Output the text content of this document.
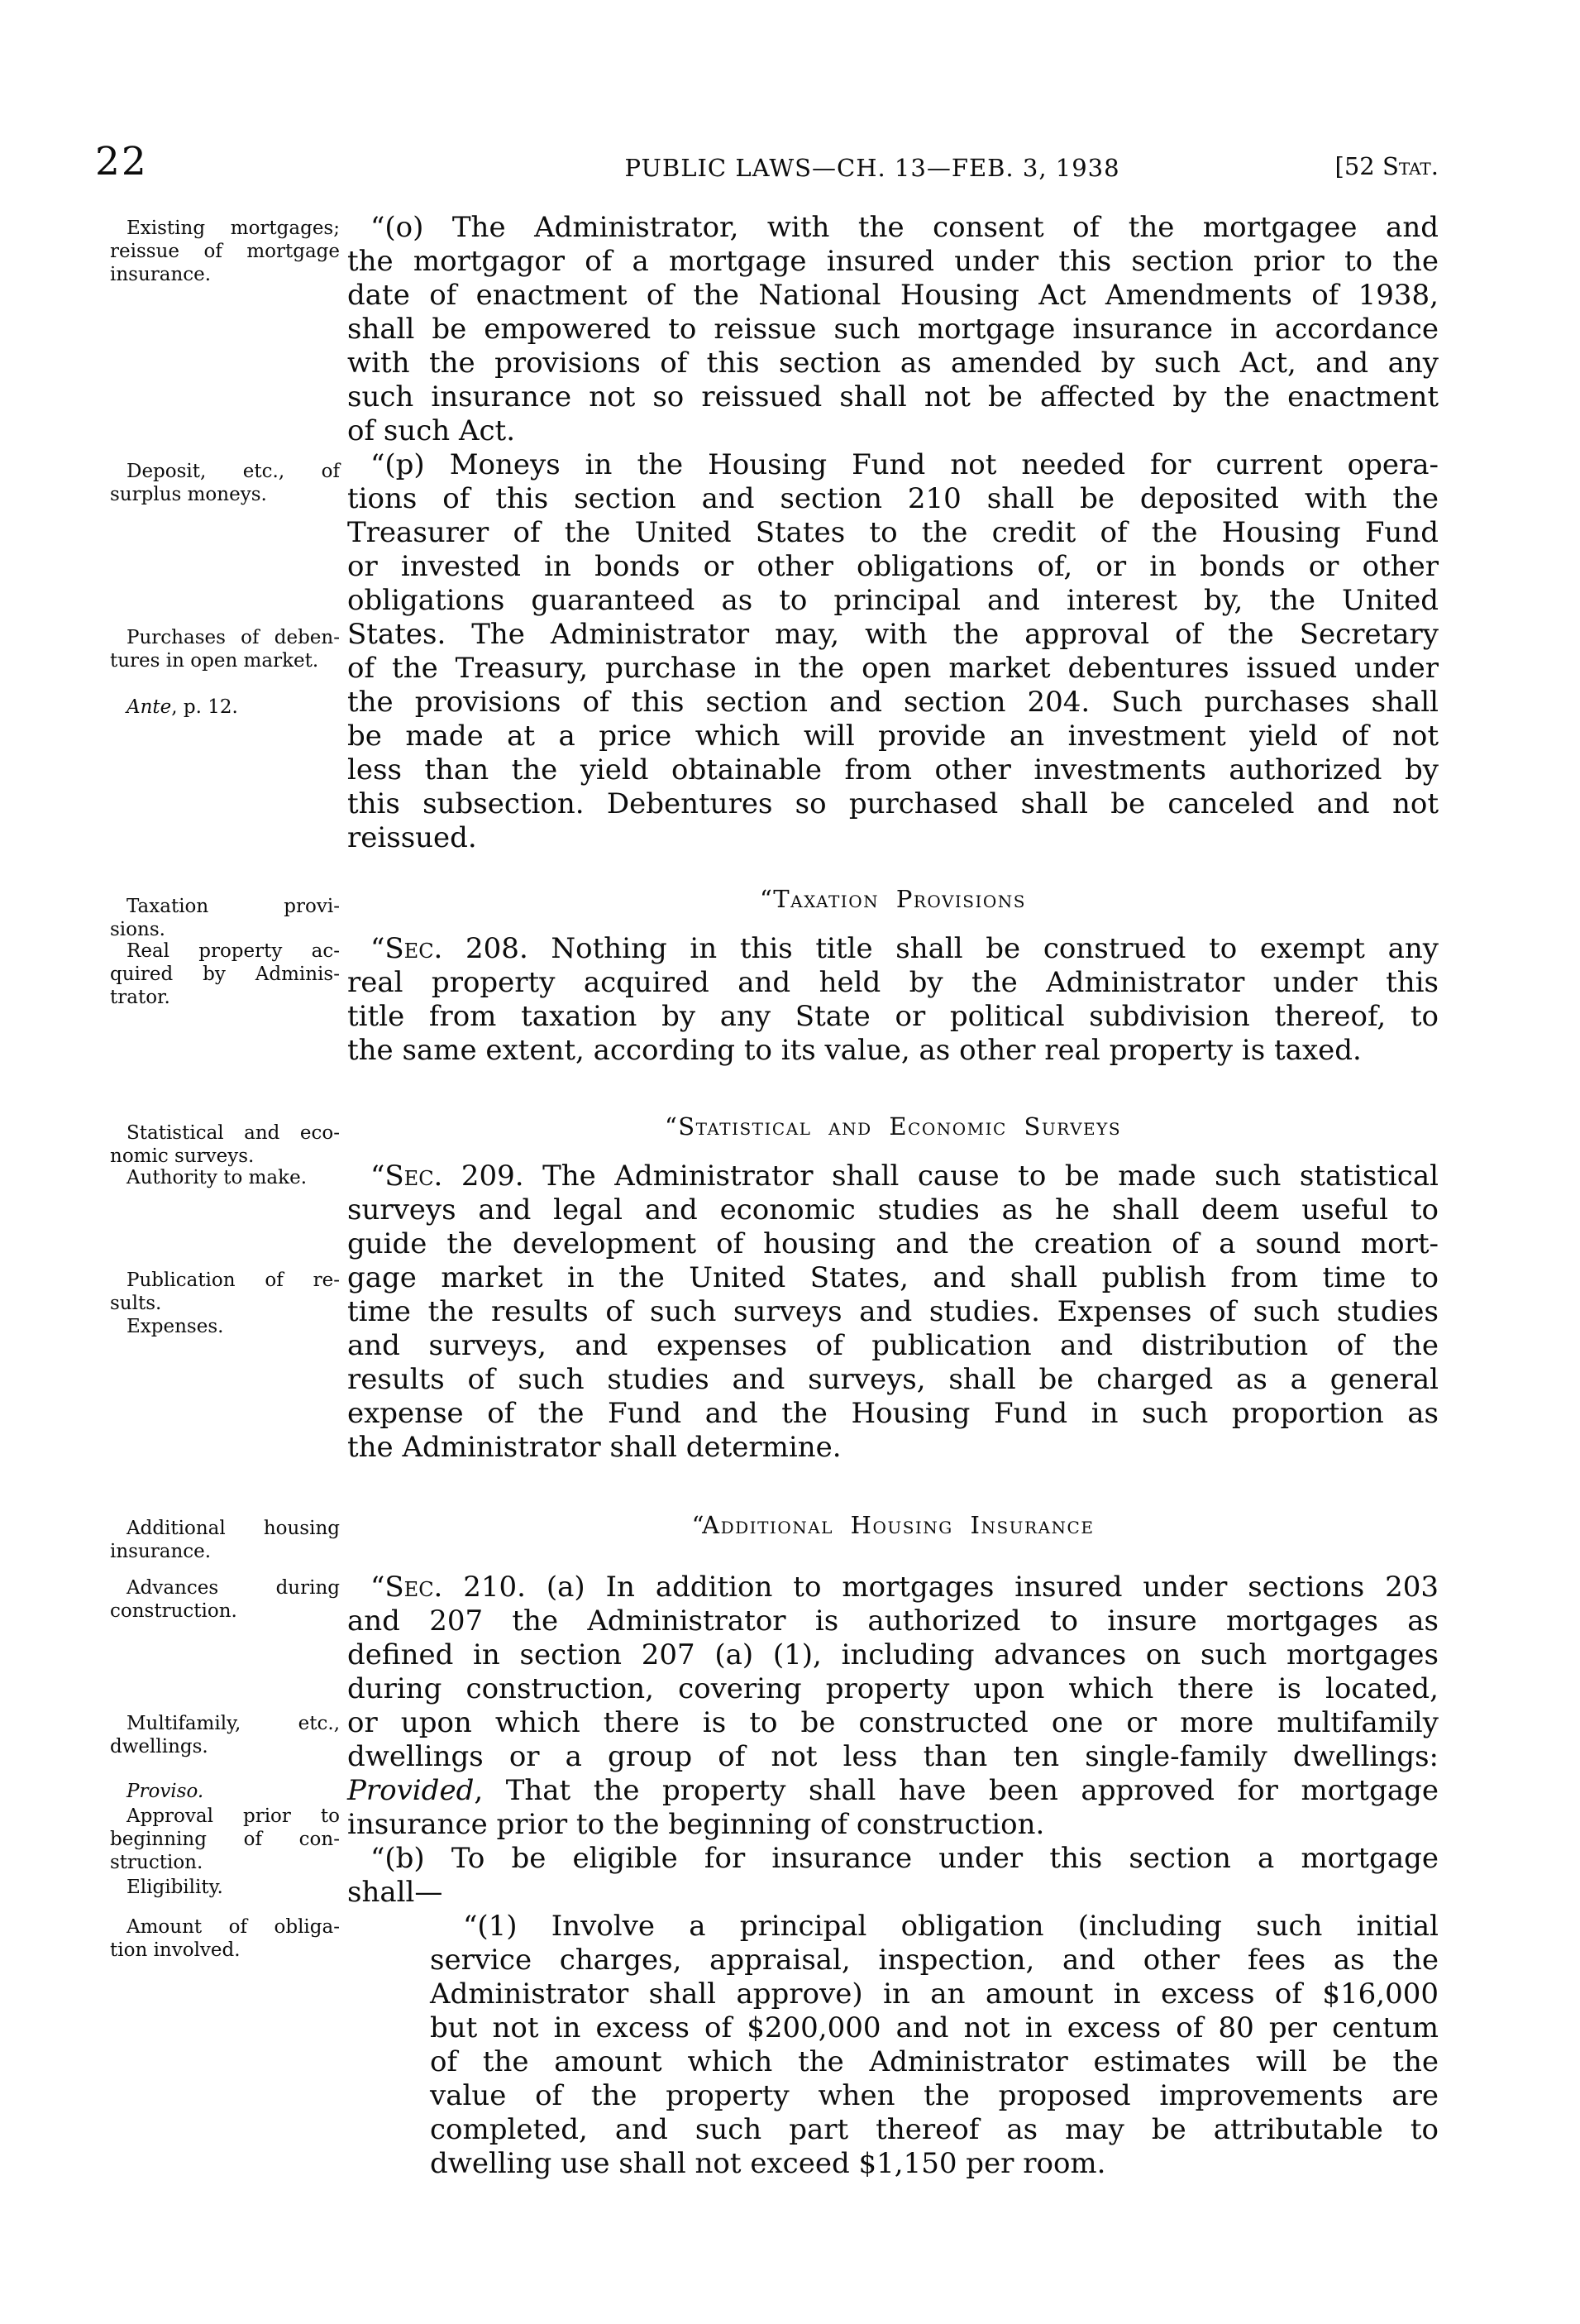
22	PUBLIC LAWS—CH. 13—FEB. 3, 1938	[52 Stat.
Existing mortgages;
reissue of mortgage
insurance.
Deposit, etc., of
surplus moneys.
Purchases of deben-
tures in open market.
Ante, p. 12.
Taxation provi-
sions.
Real property ac-
quired by Adminis-
trator.
Statistical and eco-
nomic surveys.
Authority to make.
Publication of re-
sults.
Expenses.
Additional housing
insurance.
Advances during
construction.
Multifamily, etc.,
dwellings.
Proviso.
Approval prior to
beginning of con-
struction.
Eligibility.
Amount of obliga-
tion involved.
“(o) The Administrator, with the consent of the mortgagee and
the mortgagor of a mortgage insured under this section prior to the
date of enactment of the National Housing Act Amendments of 1938,
shall be empowered to reissue such mortgage insurance in accordance
with the provisions of this section as amended by such Act, and any
such insurance not so reissued shall not be affected by the enactment
of such Act.
“(p) Moneys in the Housing Fund not needed for current opera-
tions of this section and section 210 shall be deposited with the
Treasurer of the United States to the credit of the Housing Fund
or invested in bonds or other obligations of, or in bonds or other
obligations guaranteed as to principal and interest by, the United
States. The Administrator may, with the approval of the Secretary
of the Treasury, purchase in the open market debentures issued under
the provisions of this section and section 204. Such purchases shall
be made at a price which will provide an investment yield of not
less than the yield obtainable from other investments authorized by
this subsection. Debentures so purchased shall be canceled and not
reissued.
“Taxation Provisions
“Sec. 208. Nothing in this title shall be construed to exempt any
real property acquired and held by the Administrator under this
title from taxation by any State or political subdivision thereof, to
the same extent, according to its value, as other real property is taxed.
“Statistical and Economic Surveys
“Sec. 209. The Administrator shall cause to be made such statistical
surveys and legal and economic studies as he shall deem useful to
guide the development of housing and the creation of a sound mort-
gage market in the United States, and shall publish from time to
time the results of such surveys and studies. Expenses of such studies
and surveys, and expenses of publication and distribution of the
results of such studies and surveys, shall be charged as a general
expense of the Fund and the Housing Fund in such proportion as
the Administrator shall determine.
“Additional Housing Insurance
“Sec. 210. (a) In addition to mortgages insured under sections 203
and 207 the Administrator is authorized to insure mortgages as
defined in section 207 (a) (1), including advances on such mortgages
during construction, covering property upon which there is located,
or upon which there is to be constructed one or more multifamily
dwellings or a group of not less than ten single-family dwellings:
Provided, That the property shall have been approved for mortgage
insurance prior to the beginning of construction.
“(b) To be eligible for insurance under this section a mortgage
shall—
“(1) Involve a principal obligation (including such initial
service charges, appraisal, inspection, and other fees as the
Administrator shall approve) in an amount in excess of $16,000
but not in excess of $200,000 and not in excess of 80 per centum
of the amount which the Administrator estimates will be the
value of the property when the proposed improvements are
completed, and such part thereof as may be attributable to
dwelling use shall not exceed $1,150 per room.
